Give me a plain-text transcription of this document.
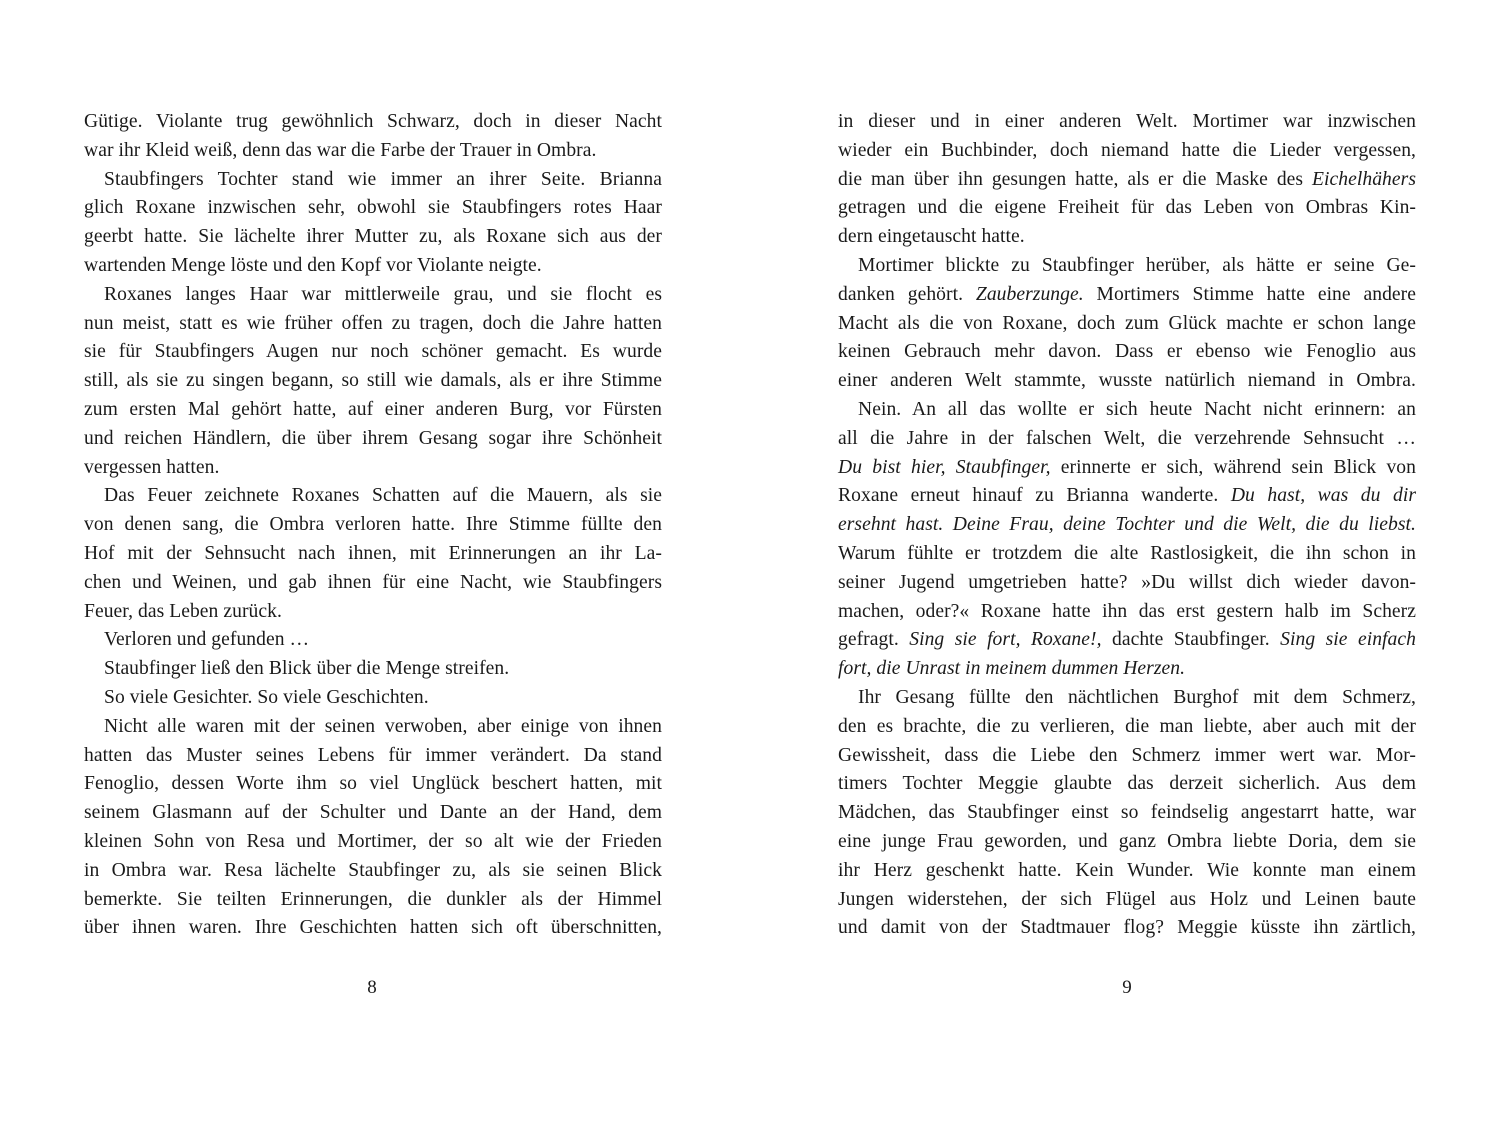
Gütige. Violante trug gewöhnlich Schwarz, doch in dieser Nacht
war ihr Kleid weiß, denn das war die Farbe der Trauer in Ombra.
Staubfingers Tochter stand wie immer an ihrer Seite. Brianna
glich Roxane inzwischen sehr, obwohl sie Staubfingers rotes Haar
geerbt hatte. Sie lächelte ihrer Mutter zu, als Roxane sich aus der
wartenden Menge löste und den Kopf vor Violante neigte.
Roxanes langes Haar war mittlerweile grau, und sie flocht es
nun meist, statt es wie früher offen zu tragen, doch die Jahre hatten
sie für Staubfingers Augen nur noch schöner gemacht. Es wurde
still, als sie zu singen begann, so still wie damals, als er ihre Stimme
zum ersten Mal gehört hatte, auf einer anderen Burg, vor Fürsten
und reichen Händlern, die über ihrem Gesang sogar ihre Schönheit
vergessen hatten.
Das Feuer zeichnete Roxanes Schatten auf die Mauern, als sie
von denen sang, die Ombra verloren hatte. Ihre Stimme füllte den
Hof mit der Sehnsucht nach ihnen, mit Erinnerungen an ihr La-
chen und Weinen, und gab ihnen für eine Nacht, wie Staubfingers
Feuer, das Leben zurück.
Verloren und gefunden …
Staubfinger ließ den Blick über die Menge streifen.
So viele Gesichter. So viele Geschichten.
Nicht alle waren mit der seinen verwoben, aber einige von ihnen
hatten das Muster seines Lebens für immer verändert. Da stand
Fenoglio, dessen Worte ihm so viel Unglück beschert hatten, mit
seinem Glasmann auf der Schulter und Dante an der Hand, dem
kleinen Sohn von Resa und Mortimer, der so alt wie der Frieden
in Ombra war. Resa lächelte Staubfinger zu, als sie seinen Blick
bemerkte. Sie teilten Erinnerungen, die dunkler als der Himmel
über ihnen waren. Ihre Geschichten hatten sich oft überschnitten,
8
in dieser und in einer anderen Welt. Mortimer war inzwischen
wieder ein Buchbinder, doch niemand hatte die Lieder vergessen,
die man über ihn gesungen hatte, als er die Maske des Eichelhähers
getragen und die eigene Freiheit für das Leben von Ombras Kin-
dern eingetauscht hatte.
Mortimer blickte zu Staubfinger herüber, als hätte er seine Ge-
danken gehört. Zauberzunge. Mortimers Stimme hatte eine andere
Macht als die von Roxane, doch zum Glück machte er schon lange
keinen Gebrauch mehr davon. Dass er ebenso wie Fenoglio aus
einer anderen Welt stammte, wusste natürlich niemand in Ombra.
Nein. An all das wollte er sich heute Nacht nicht erinnern: an
all die Jahre in der falschen Welt, die verzehrende Sehnsucht …
Du bist hier, Staubfinger, erinnerte er sich, während sein Blick von
Roxane erneut hinauf zu Brianna wanderte. Du hast, was du dir
ersehnt hast. Deine Frau, deine Tochter und die Welt, die du liebst.
Warum fühlte er trotzdem die alte Rastlosigkeit, die ihn schon in
seiner Jugend umgetrieben hatte? »Du willst dich wieder davon-
machen, oder?« Roxane hatte ihn das erst gestern halb im Scherz
gefragt. Sing sie fort, Roxane!, dachte Staubfinger. Sing sie einfach
fort, die Unrast in meinem dummen Herzen.
Ihr Gesang füllte den nächtlichen Burghof mit dem Schmerz,
den es brachte, die zu verlieren, die man liebte, aber auch mit der
Gewissheit, dass die Liebe den Schmerz immer wert war. Mor-
timers Tochter Meggie glaubte das derzeit sicherlich. Aus dem
Mädchen, das Staubfinger einst so feindselig angestarrt hatte, war
eine junge Frau geworden, und ganz Ombra liebte Doria, dem sie
ihr Herz geschenkt hatte. Kein Wunder. Wie konnte man einem
Jungen widerstehen, der sich Flügel aus Holz und Leinen baute
und damit von der Stadtmauer flog? Meggie küsste ihn zärtlich,
9
